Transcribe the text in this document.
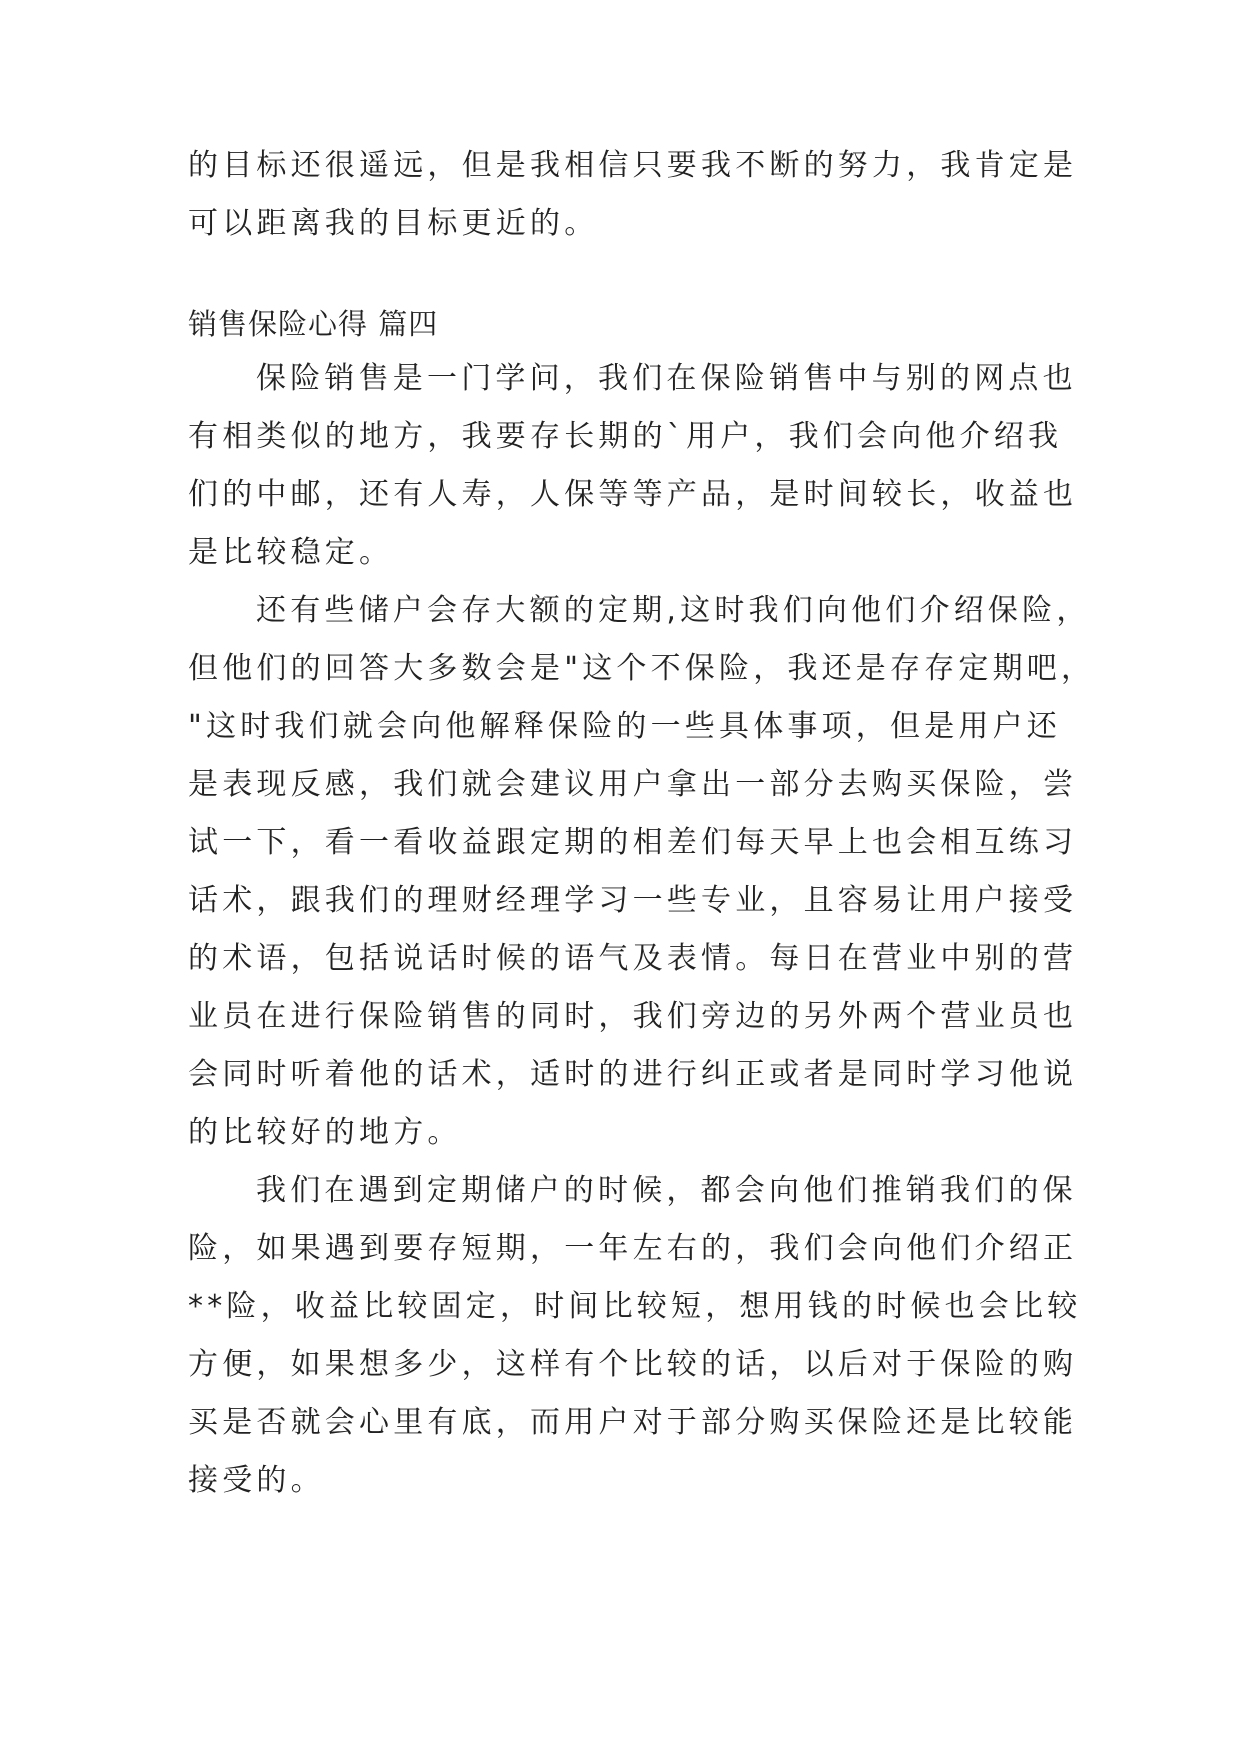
的目标还很遥远，但是我相信只要我不断的努力，我肯定是
可以距离我的目标更近的。
销售保险心得 篇四
保险销售是一门学问，我们在保险销售中与别的网点也
有相类似的地方，我要存长期的`用户，我们会向他介绍我
们的中邮，还有人寿，人保等等产品，是时间较长，收益也
是比较稳定。
还有些储户会存大额的定期,这时我们向他们介绍保险，
但他们的回答大多数会是"这个不保险，我还是存存定期吧，
"这时我们就会向他解释保险的一些具体事项，但是用户还
是表现反感，我们就会建议用户拿出一部分去购买保险，尝
试一下，看一看收益跟定期的相差们每天早上也会相互练习
话术，跟我们的理财经理学习一些专业，且容易让用户接受
的术语，包括说话时候的语气及表情。每日在营业中别的营
业员在进行保险销售的同时，我们旁边的另外两个营业员也
会同时听着他的话术，适时的进行纠正或者是同时学习他说
的比较好的地方。
我们在遇到定期储户的时候，都会向他们推销我们的保
险，如果遇到要存短期，一年左右的，我们会向他们介绍正
**险，收益比较固定，时间比较短，想用钱的时候也会比较
方便，如果想多少，这样有个比较的话，以后对于保险的购
买是否就会心里有底，而用户对于部分购买保险还是比较能
接受的。
